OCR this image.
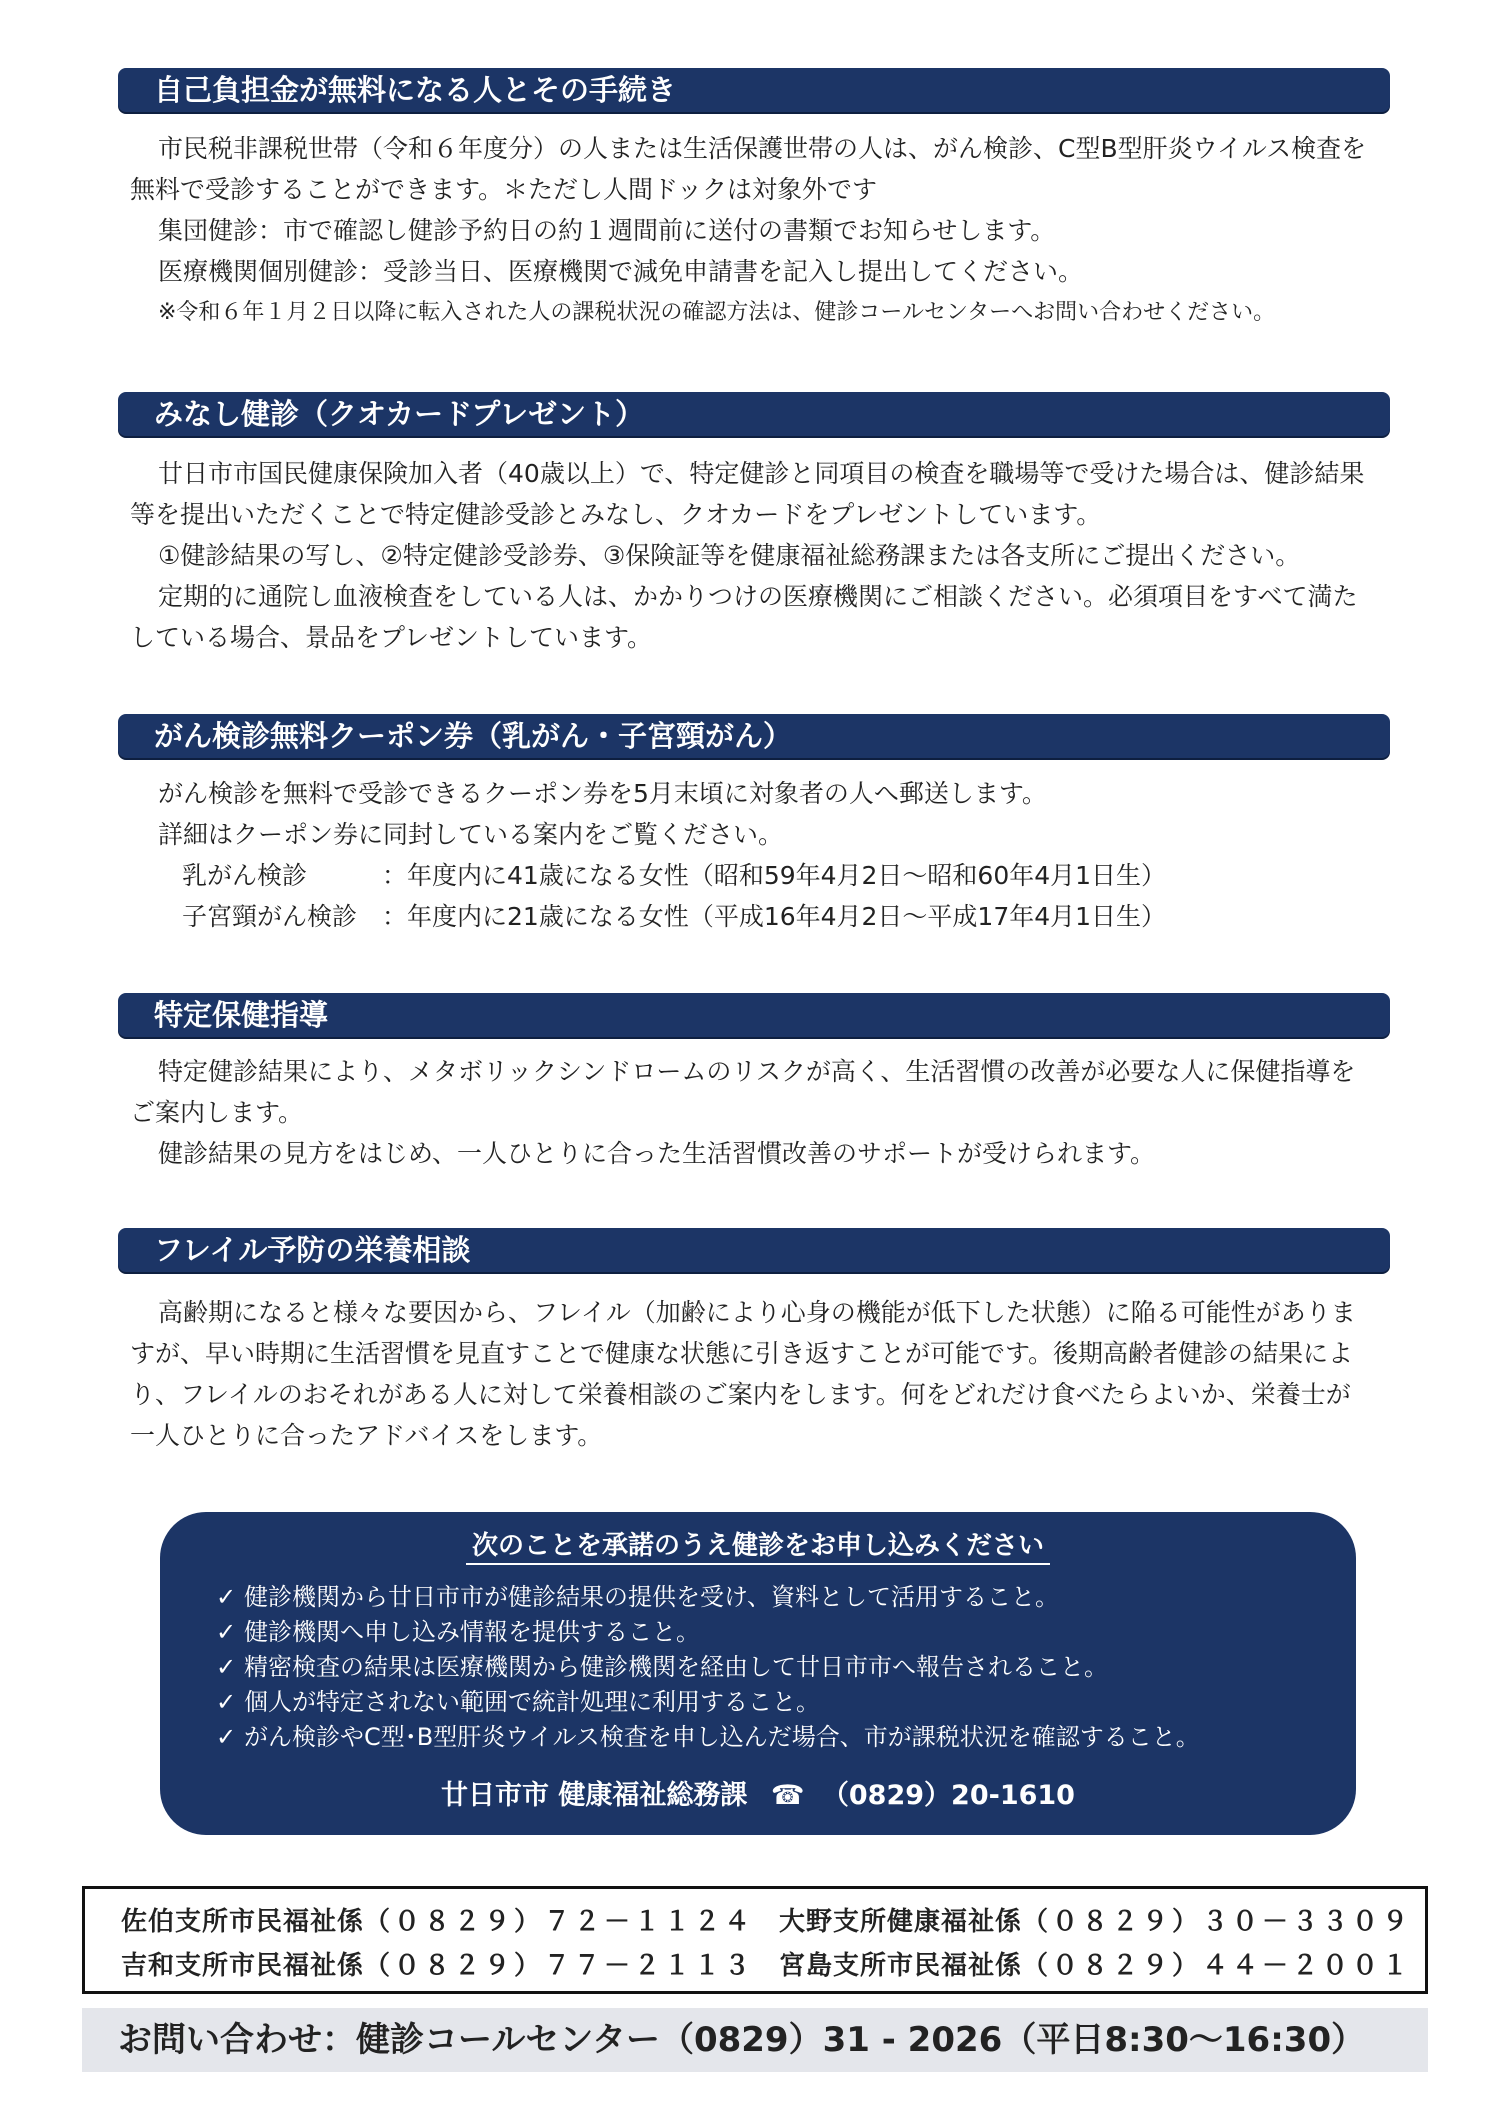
自己負担金が無料になる人とその手続き

市民税非課税世帯（令和６年度分）の人または生活保護世帯の人は、がん検診、C型B型肝炎ウイルス検査を無料で受診することができます。＊ただし人間ドックは対象外です

集団健診：市で確認し健診予約日の約１週間前に送付の書類でお知らせします。

医療機関個別健診：受診当日、医療機関で減免申請書を記入し提出してください。

※令和６年１月２日以降に転入された人の課税状況の確認方法は、健診コールセンターへお問い合わせください。

みなし健診（クオカードプレゼント）

廿日市市国民健康保険加入者（40歳以上）で、特定健診と同項目の検査を職場等で受けた場合は、健診結果等を提出いただくことで特定健診受診とみなし、クオカードをプレゼントしています。

①健診結果の写し、②特定健診受診券、③保険証等を健康福祉総務課または各支所にご提出ください。

定期的に通院し血液検査をしている人は、かかりつけの医療機関にご相談ください。必須項目をすべて満たしている場合、景品をプレゼントしています。

がん検診無料クーポン券（乳がん・子宮頸がん）

がん検診を無料で受診できるクーポン券を5月末頃に対象者の人へ郵送します。

詳細はクーポン券に同封している案内をご覧ください。

乳がん検診	：年度内に41歳になる女性（昭和59年4月2日～昭和60年4月1日生）

子宮頸がん検診 ：年度内に21歳になる女性（平成16年4月2日～平成17年4月1日生）

特定保健指導

特定健診結果により、メタボリックシンドロームのリスクが高く、生活習慣の改善が必要な人に保健指導をご案内します。

健診結果の見方をはじめ、一人ひとりに合った生活習慣改善のサポートが受けられます。

フレイル予防の栄養相談

高齢期になると様々な要因から、フレイル（加齢により心身の機能が低下した状態）に陥る可能性がありますが、早い時期に生活習慣を見直すことで健康な状態に引き返すことが可能です。後期高齢者健診の結果により、フレイルのおそれがある人に対して栄養相談のご案内をします。何をどれだけ食べたらよいか、栄養士が一人ひとりに合ったアドバイスをします。

次のことを承諾のうえ健診をお申し込みください
✓ 健診機関から廿日市市が健診結果の提供を受け、資料として活用すること。
✓ 健診機関へ申し込み情報を提供すること。
✓ 精密検査の結果は医療機関から健診機関を経由して廿日市市へ報告されること。
✓ 個人が特定されない範囲で統計処理に利用すること。
✓ がん検診やC型･B型肝炎ウイルス検査を申し込んだ場合、市が課税状況を確認すること。
廿日市市 健康福祉総務課 ☎ （0829）20-1610
佐伯支所市民福祉係（０８２９）７２－１１２４ 大野支所健康福祉係（０８２９）３０－３３０９
吉和支所市民福祉係（０８２９）７７－２１１３ 宮島支所市民福祉係（０８２９）４４－２００１
お問い合わせ：健診コールセンター（0829）31 - 2026（平日8:30～16:30）
